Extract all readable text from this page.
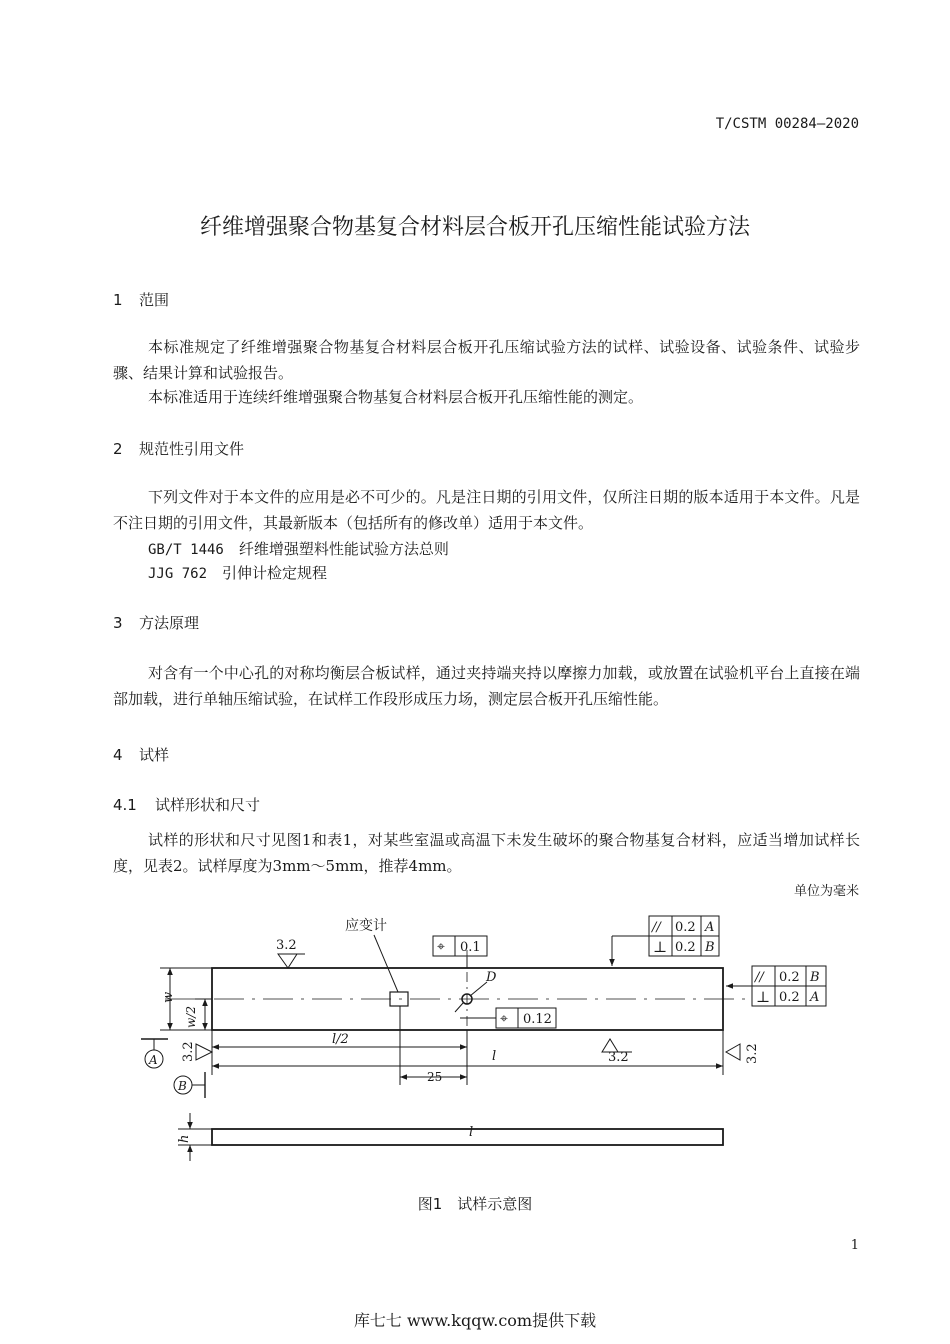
T/CSTM 00284—2020
纤维增强聚合物基复合材料层合板开孔压缩性能试验方法
1 范围
本标准规定了纤维增强聚合物基复合材料层合板开孔压缩试验方法的试样、试验设备、试验条件、试验步骤、结果计算和试验报告。
本标准适用于连续纤维增强聚合物基复合材料层合板开孔压缩性能的测定。
2 规范性引用文件
下列文件对于本文件的应用是必不可少的。凡是注日期的引用文件，仅所注日期的版本适用于本文件。凡是不注日期的引用文件，其最新版本（包括所有的修改单）适用于本文件。
GB/T 1446　 纤维增强塑料性能试验方法总则
JJG 762　 引伸计检定规程
3 方法原理
对含有一个中心孔的对称均衡层合板试样，通过夹持端夹持以摩擦力加载，或放置在试验机平台上直接在端部加载，进行单轴压缩试验，在试样工作段形成压力场，测定层合板开孔压缩性能。
4 试样
4.1 试样形状和尺寸
试样的形状和尺寸见图1和表1，对某些室温或高温下未发生破坏的聚合物基复合材料，应适当增加试样长度，见表2。试样厚度为3mm～5mm，推荐4mm。
单位为毫米
应变计
3.2
3.2
3.2	3.2
w
w/2
l/2
l
l
25
D
h
A
B
⌖ 0.1
⌖ 0.12
// 0.2 A
⊥ 0.2 B
// 0.2 B
⊥ 0.2 A
图1　试样示意图
1
库七七 www.kqqw.com提供下载
